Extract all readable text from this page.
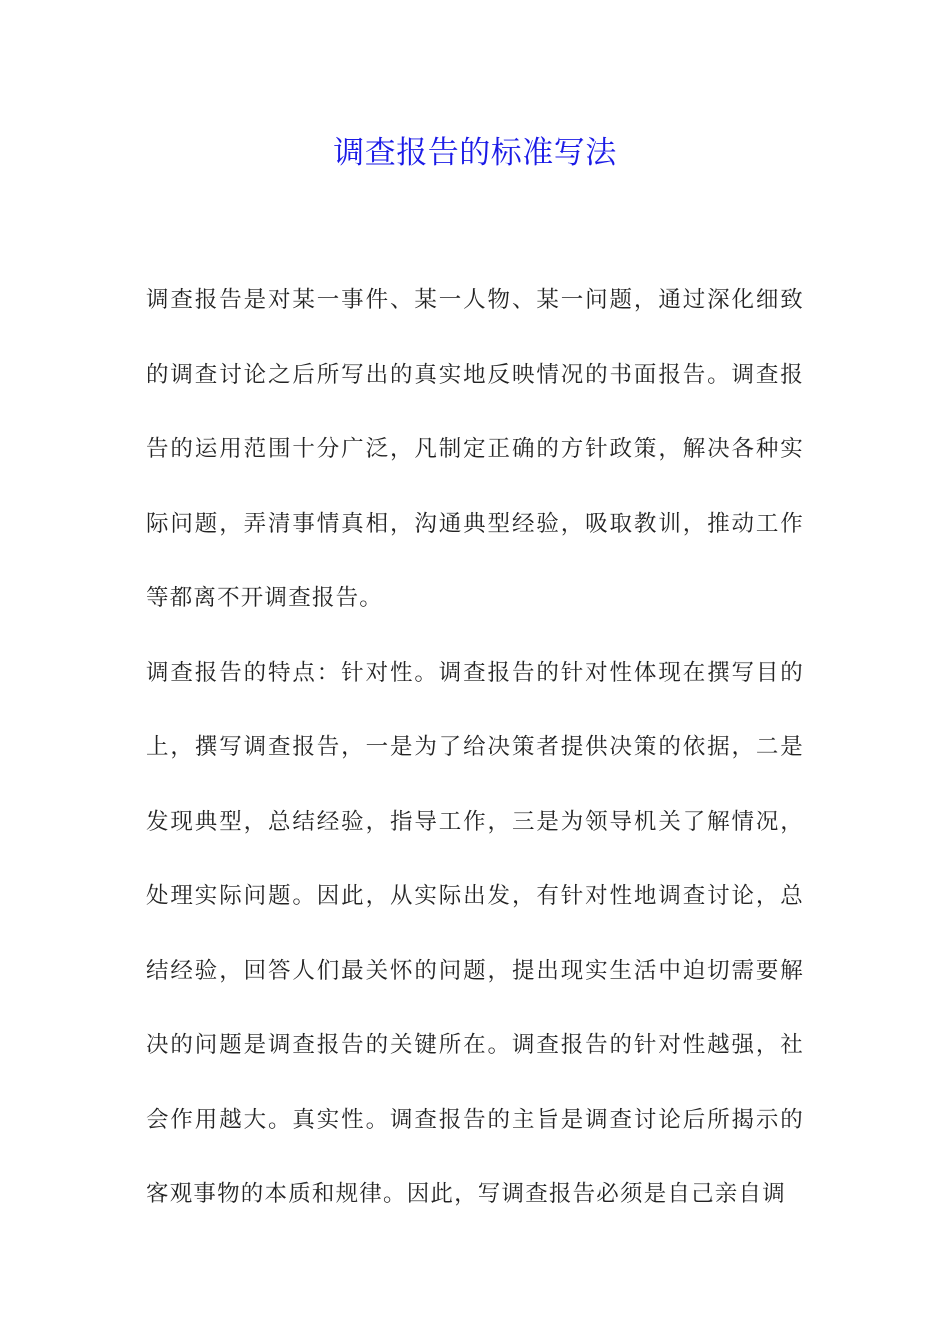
调查报告的标准写法

调查报告是对某一事件、某一人物、某一问题，通过深化细致的调查讨论之后所写出的真实地反映情况的书面报告。调查报告的运用范围十分广泛，凡制定正确的方针政策，解决各种实际问题，弄清事情真相，沟通典型经验，吸取教训，推动工作等都离不开调查报告。

调查报告的特点：针对性。调查报告的针对性体现在撰写目的上，撰写调查报告，一是为了给决策者提供决策的依据，二是发现典型，总结经验，指导工作，三是为领导机关了解情况，处理实际问题。因此，从实际出发，有针对性地调查讨论，总结经验，回答人们最关怀的问题，提出现实生活中迫切需要解决的问题是调查报告的关键所在。调查报告的针对性越强，社会作用越大。真实性。调查报告的主旨是调查讨论后所揭示的客观事物的本质和规律。因此，写调查报告必须是自己亲自调
